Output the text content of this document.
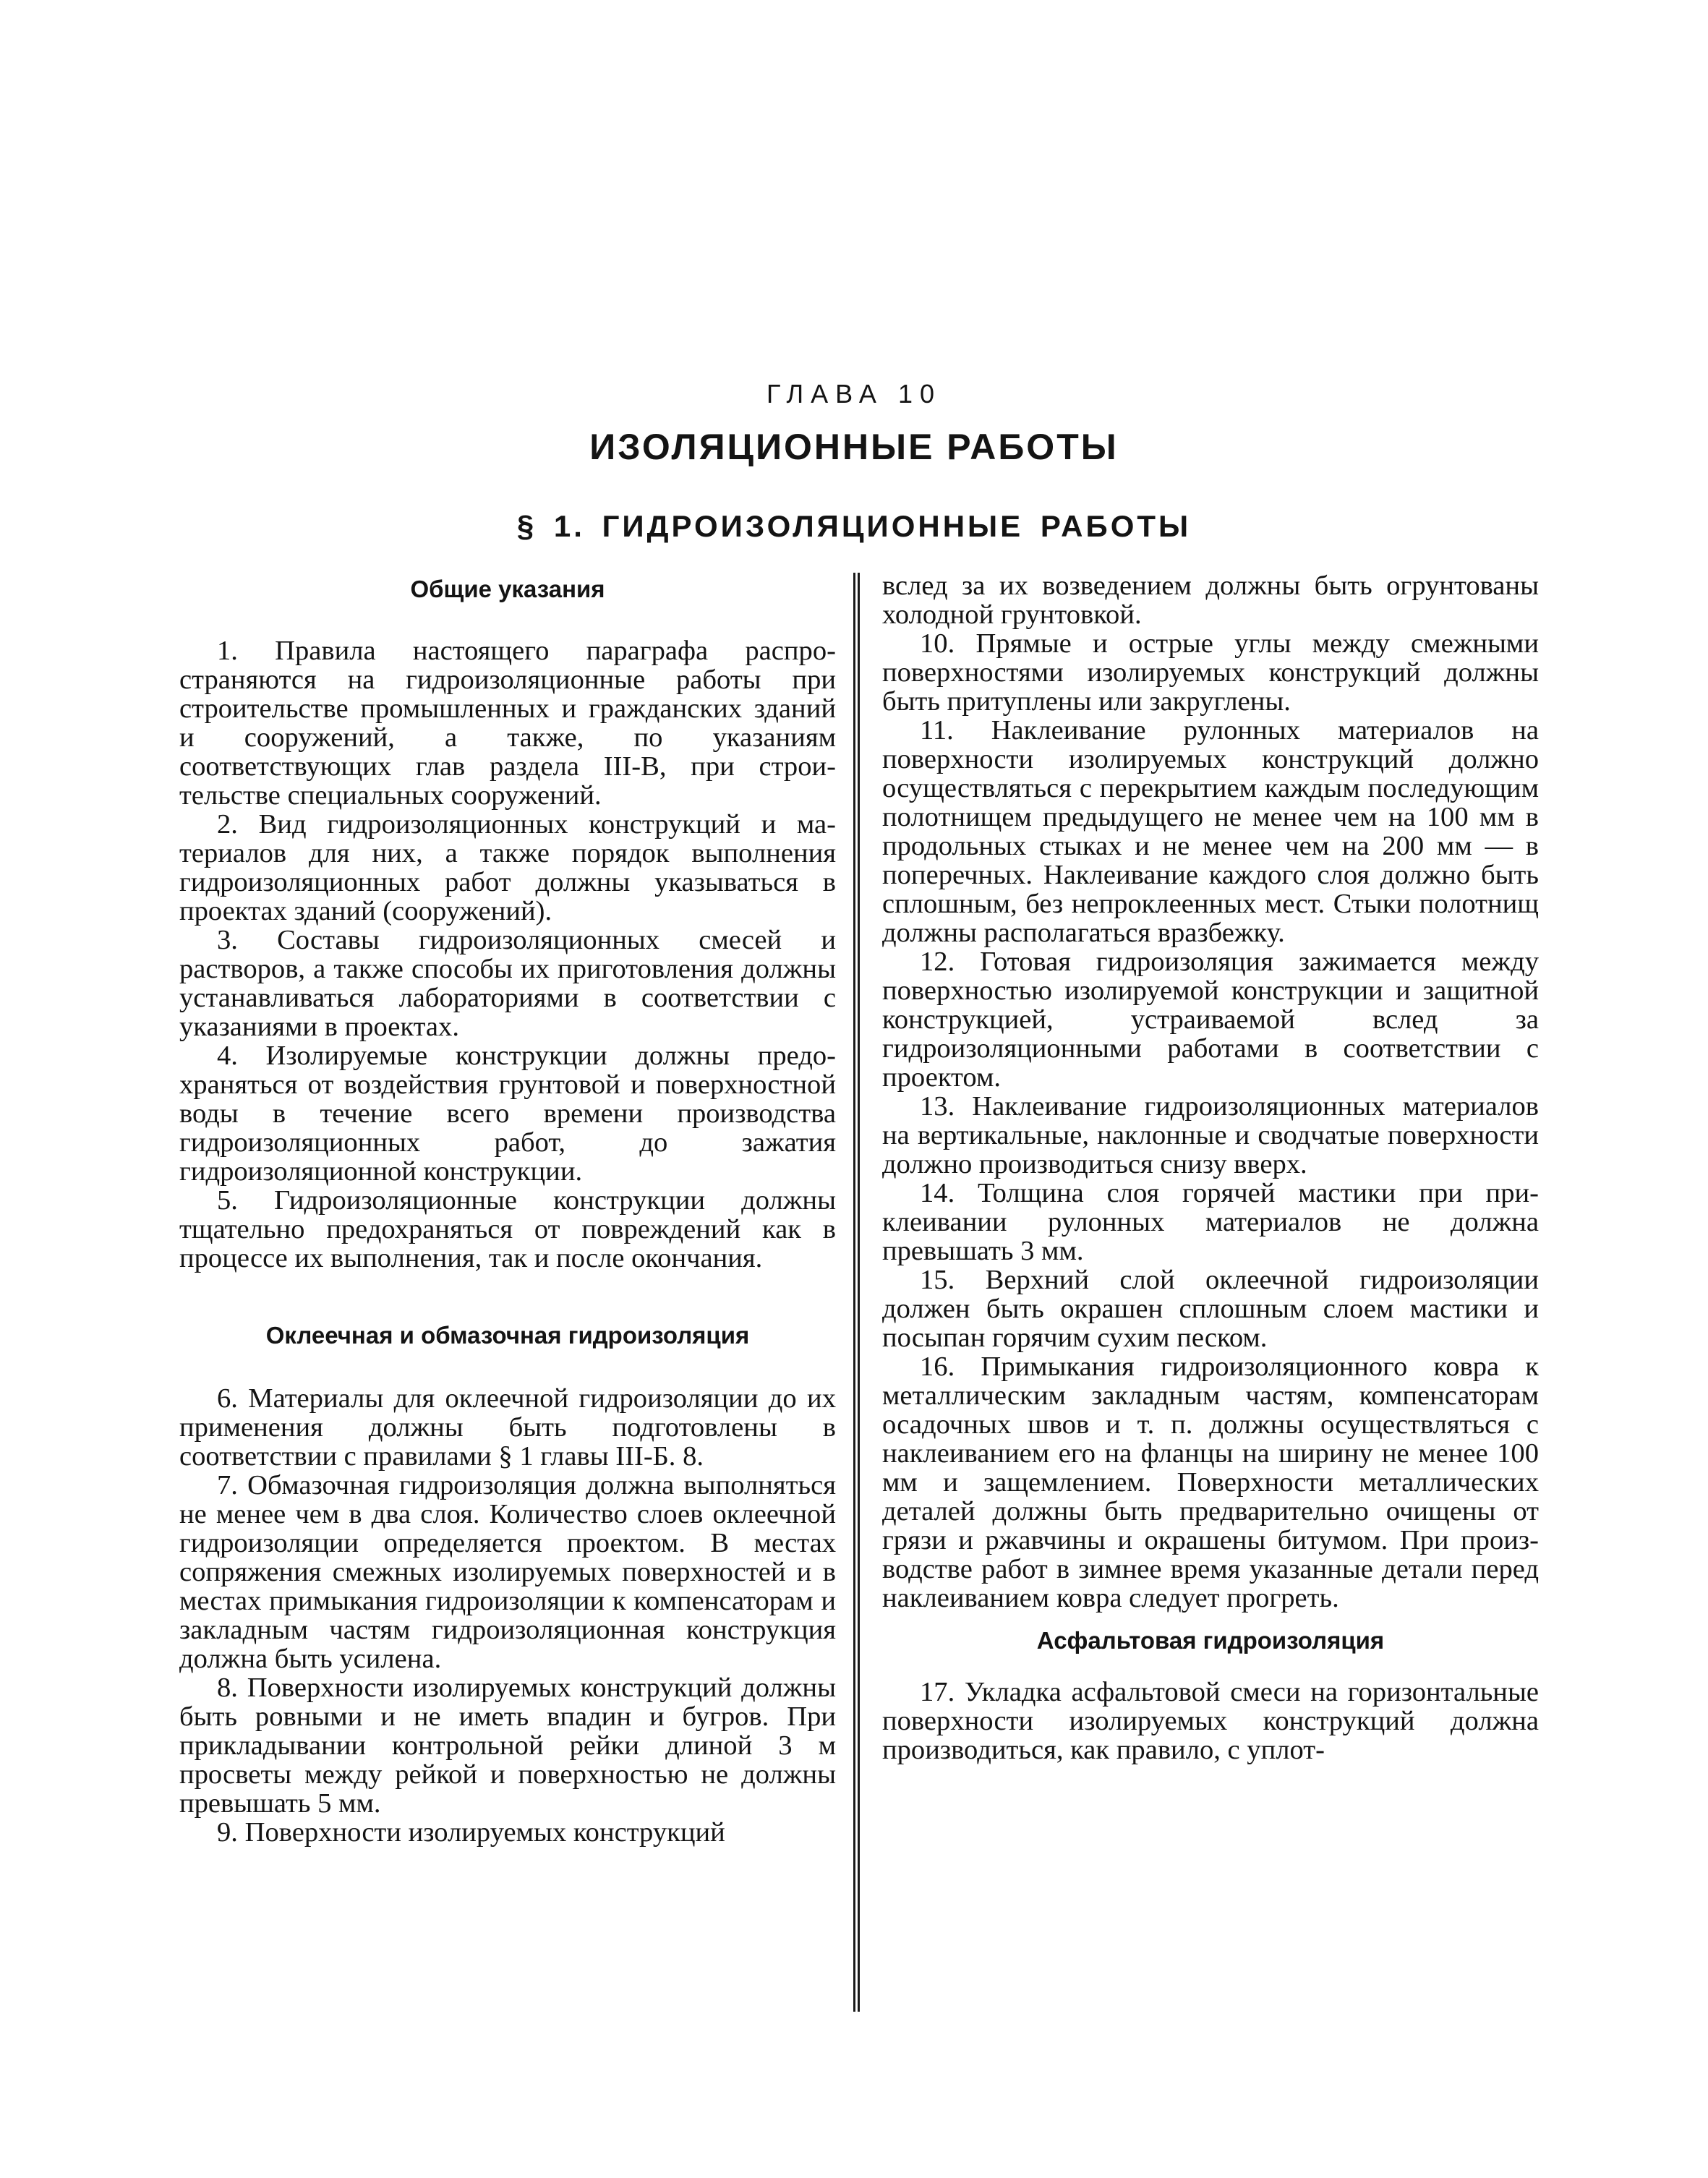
ГЛАВА 10
ИЗОЛЯЦИОННЫЕ РАБОТЫ
§ 1. ГИДРОИЗОЛЯЦИОННЫЕ РАБОТЫ
Общие указания

1. Правила настоящего параграфа распространяются на гидроизоляционные работы при строительстве промышленных и гражданских зданий и сооружений, а также, по указаниям соответствующих глав раздела III-В, при строительстве специальных сооружений.

2. Вид гидроизоляционных конструкций и материалов для них, а также порядок выполнения гидроизоляционных работ должны указываться в проектах зданий (сооружений).

3. Составы гидроизоляционных смесей и растворов, а также способы их приготовления должны устанавливаться лабораториями в соответствии с указаниями в проектах.

4. Изолируемые конструкции должны предохраняться от воздействия грунтовой и поверхностной воды в течение всего времени производства гидроизоляционных работ, до зажатия гидроизоляционной конструкции.

5. Гидроизоляционные конструкции должны тщательно предохраняться от повреждений как в процессе их выполнения, так и после окончания.

Оклеечная и обмазочная гидроизоляция

6. Материалы для оклеечной гидроизоляции до их применения должны быть подготовлены в соответствии с правилами § 1 главы III-Б. 8.

7. Обмазочная гидроизоляция должна выполняться не менее чем в два слоя. Количество слоев оклеечной гидроизоляции определяется проектом. В местах сопряжения смежных изолируемых поверхностей и в местах примыкания гидроизоляции к компенсаторам и закладным частям гидроизоляционная конструкция должна быть усилена.

8. Поверхности изолируемых конструкций должны быть ровными и не иметь впадин и бугров. При прикладывании контрольной рейки длиной 3 м просветы между рейкой и поверхностью не должны превышать 5 мм.

9. Поверхности изолируемых конструкций

вслед за их возведением должны быть огрунтованы холодной грунтовкой.

10. Прямые и острые углы между смежными поверхностями изолируемых конструкций должны быть притуплены или закруглены.

11. Наклеивание рулонных материалов на поверхности изолируемых конструкций должно осуществляться с перекрытием каждым последующим полотнищем предыдущего не менее чем на 100 мм в продольных стыках и не менее чем на 200 мм — в поперечных. Наклеивание каждого слоя должно быть сплошным, без непроклеенных мест. Стыки полотнищ должны располагаться вразбежку.

12. Готовая гидроизоляция зажимается между поверхностью изолируемой конструкции и защитной конструкцией, устраиваемой вслед за гидроизоляционными работами в соответствии с проектом.

13. Наклеивание гидроизоляционных материалов на вертикальные, наклонные и сводчатые поверхности должно производиться снизу вверх.

14. Толщина слоя горячей мастики при приклеивании рулонных материалов не должна превышать 3 мм.

15. Верхний слой оклеечной гидроизоляции должен быть окрашен сплошным слоем мастики и посыпан горячим сухим песком.

16. Примыкания гидроизоляционного ковра к металлическим закладным частям, компенсаторам осадочных швов и т. п. должны осуществляться с наклеиванием его на фланцы на ширину не менее 100 мм и защемлением. Поверхности металлических деталей должны быть предварительно очищены от грязи и ржавчины и окрашены битумом. При производстве работ в зимнее время указанные детали перед наклеиванием ковра следует прогреть.

Асфальтовая гидроизоляция

17. Укладка асфальтовой смеси на горизонтальные поверхности изолируемых конструкций должна производиться, как правило, с уплот-
